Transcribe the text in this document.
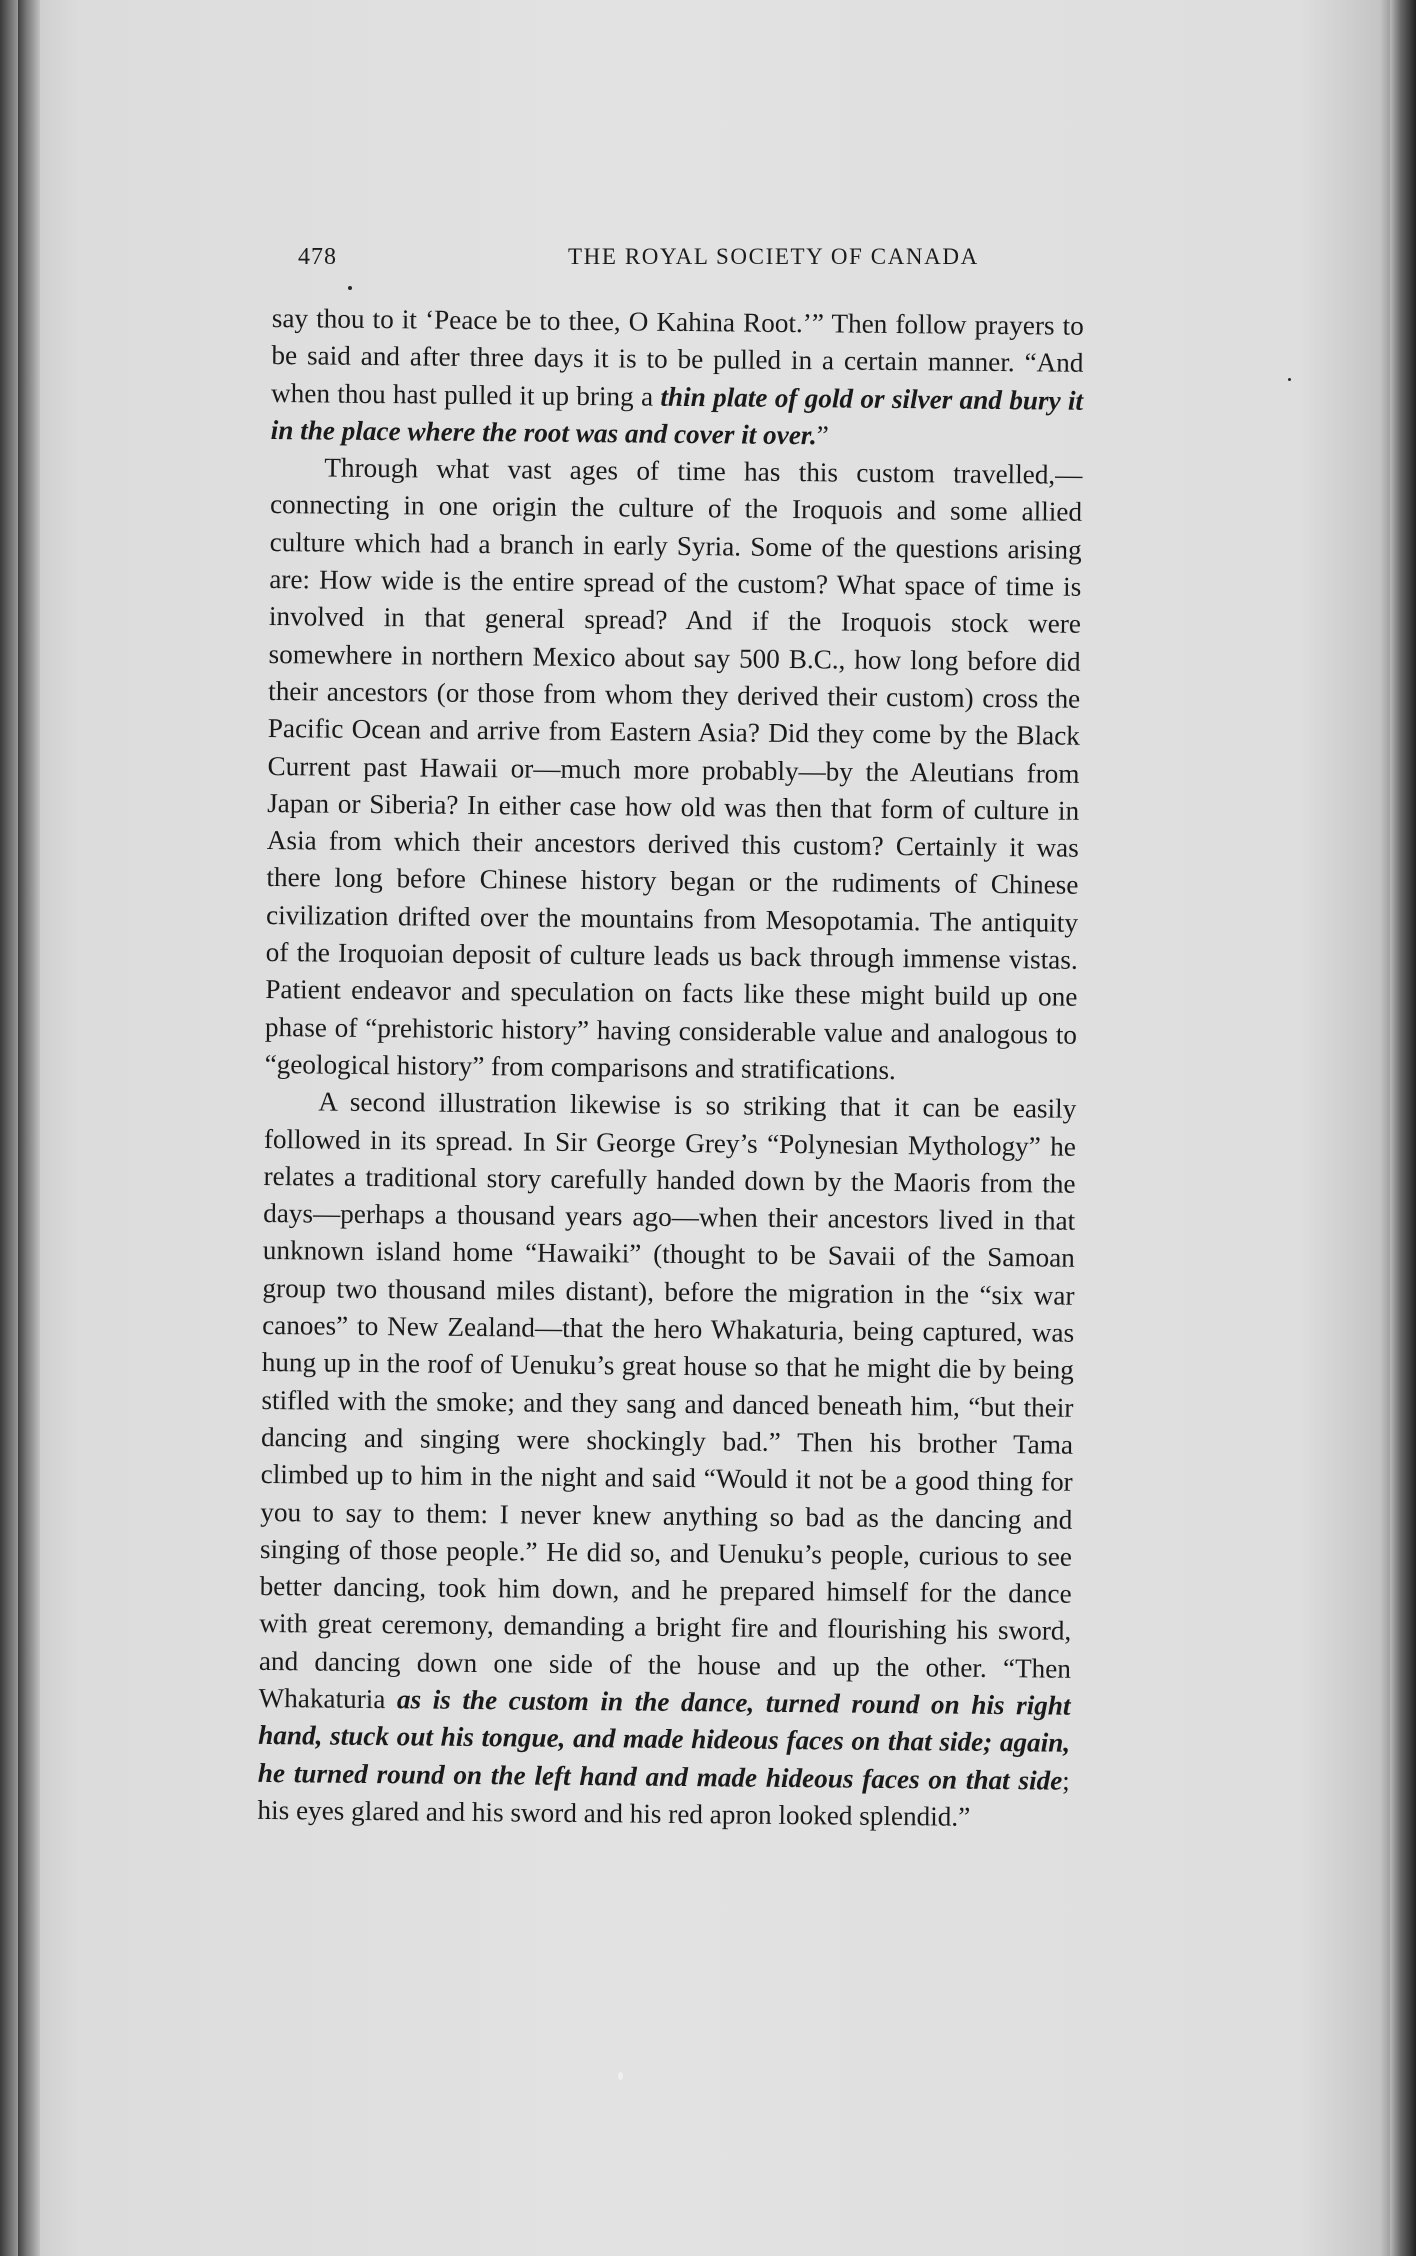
478	THE ROYAL SOCIETY OF CANADA

say thou to it ‘Peace be to thee, O Kahina Root.’” Then follow prayers to be said and after three days it is to be pulled in a certain manner. “And when thou hast pulled it up bring a thin plate of gold or silver and bury it in the place where the root was and cover it over.”

Through what vast ages of time has this custom travelled,—connecting in one origin the culture of the Iroquois and some allied culture which had a branch in early Syria. Some of the questions arising are: How wide is the entire spread of the custom? What space of time is involved in that general spread? And if the Iroquois stock were somewhere in northern Mexico about say 500 B.C., how long before did their ancestors (or those from whom they derived their custom) cross the Pacific Ocean and arrive from Eastern Asia? Did they come by the Black Current past Hawaii or—much more probably—by the Aleutians from Japan or Siberia? In either case how old was then that form of culture in Asia from which their ancestors derived this custom? Certainly it was there long before Chinese history began or the rudiments of Chinese civilization drifted over the mountains from Mesopotamia. The antiquity of the Iroquoian deposit of culture leads us back through immense vistas. Patient endeavor and speculation on facts like these might build up one phase of “prehistoric history” having considerable value and analogous to “geological history” from comparisons and stratifications.

A second illustration likewise is so striking that it can be easily followed in its spread. In Sir George Grey’s “Polynesian Mythology” he relates a traditional story carefully handed down by the Maoris from the days—perhaps a thousand years ago—when their ancestors lived in that unknown island home “Hawaiki” (thought to be Savaii of the Samoan group two thousand miles distant), before the migration in the “six war canoes” to New Zealand—that the hero Whakaturia, being captured, was hung up in the roof of Uenuku’s great house so that he might die by being stifled with the smoke; and they sang and danced beneath him, “but their dancing and singing were shockingly bad.” Then his brother Tama climbed up to him in the night and said “Would it not be a good thing for you to say to them: I never knew anything so bad as the dancing and singing of those people.” He did so, and Uenuku’s people, curious to see better dancing, took him down, and he prepared himself for the dance with great ceremony, demanding a bright fire and flourishing his sword, and dancing down one side of the house and up the other. “Then Whakaturia as is the custom in the dance, turned round on his right hand, stuck out his tongue, and made hideous faces on that side; again, he turned round on the left hand and made hideous faces on that side; his eyes glared and his sword and his red apron looked splendid.”
